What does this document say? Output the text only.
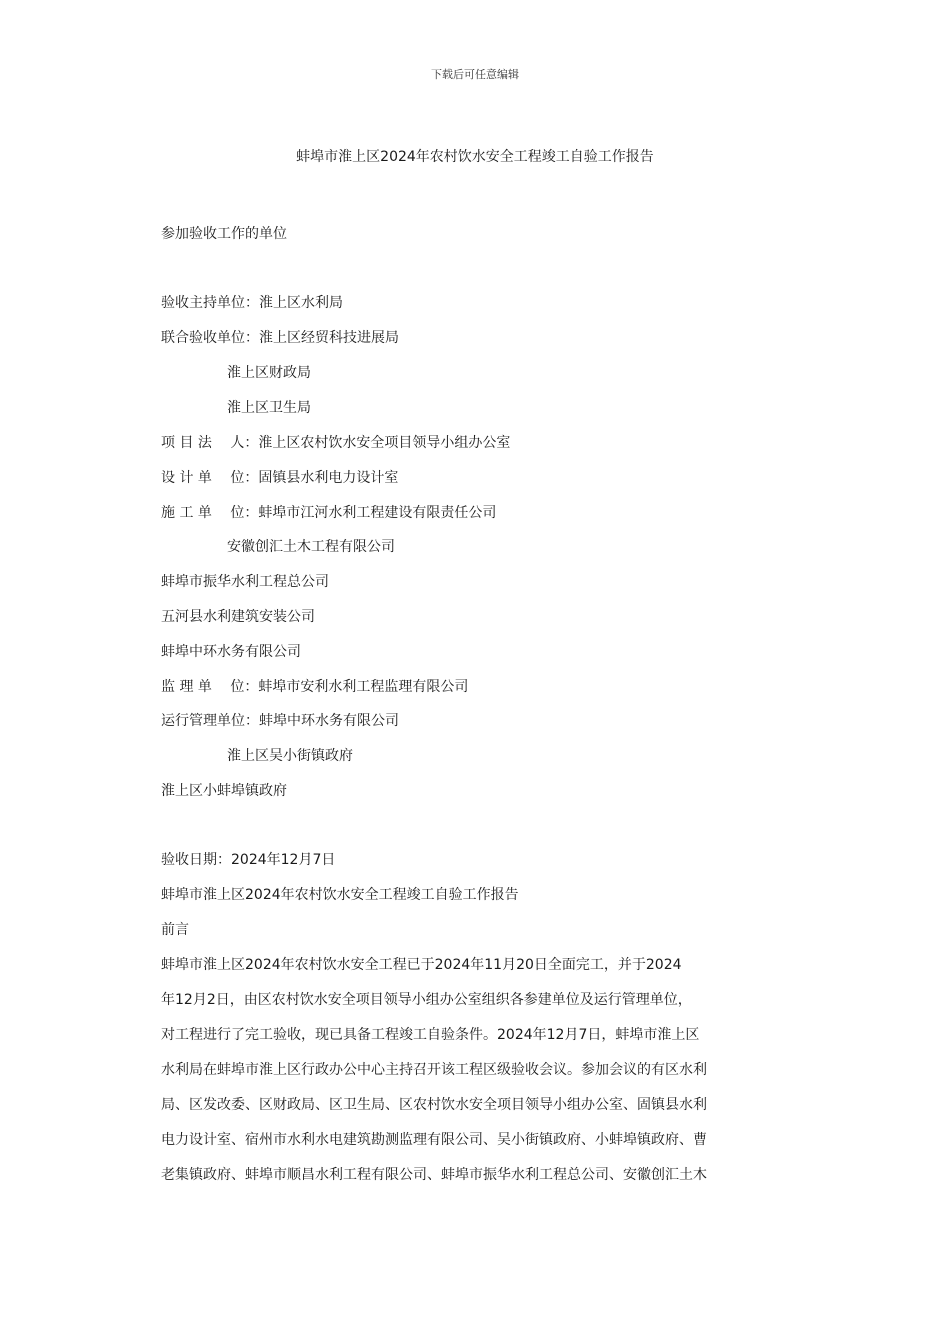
下载后可任意编辑
蚌埠市淮上区2024年农村饮水安全工程竣工自验工作报告
参加验收工作的单位
验收主持单位：淮上区水利局
联合验收单位：淮上区经贸科技进展局
淮上区财政局
淮上区卫生局
项 目 法　 人：淮上区农村饮水安全项目领导小组办公室
设 计 单　 位：固镇县水利电力设计室
施 工 单　 位：蚌埠市江河水利工程建设有限责任公司
安徽创汇土木工程有限公司
蚌埠市振华水利工程总公司
五河县水利建筑安装公司
蚌埠中环水务有限公司
监 理 单　 位：蚌埠市安利水利工程监理有限公司
运行管理单位：蚌埠中环水务有限公司
淮上区吴小街镇政府
淮上区小蚌埠镇政府
验收日期：2024年12月7日
蚌埠市淮上区2024年农村饮水安全工程竣工自验工作报告
前言
蚌埠市淮上区2024年农村饮水安全工程已于2024年11月20日全面完工，并于2024
年12月2日，由区农村饮水安全项目领导小组办公室组织各参建单位及运行管理单位，
对工程进行了完工验收，现已具备工程竣工自验条件。2024年12月7日，蚌埠市淮上区
水利局在蚌埠市淮上区行政办公中心主持召开该工程区级验收会议。参加会议的有区水利
局、区发改委、区财政局、区卫生局、区农村饮水安全项目领导小组办公室、固镇县水利
电力设计室、宿州市水利水电建筑勘测监理有限公司、吴小街镇政府、小蚌埠镇政府、曹
老集镇政府、蚌埠市顺昌水利工程有限公司、蚌埠市振华水利工程总公司、安徽创汇土木
